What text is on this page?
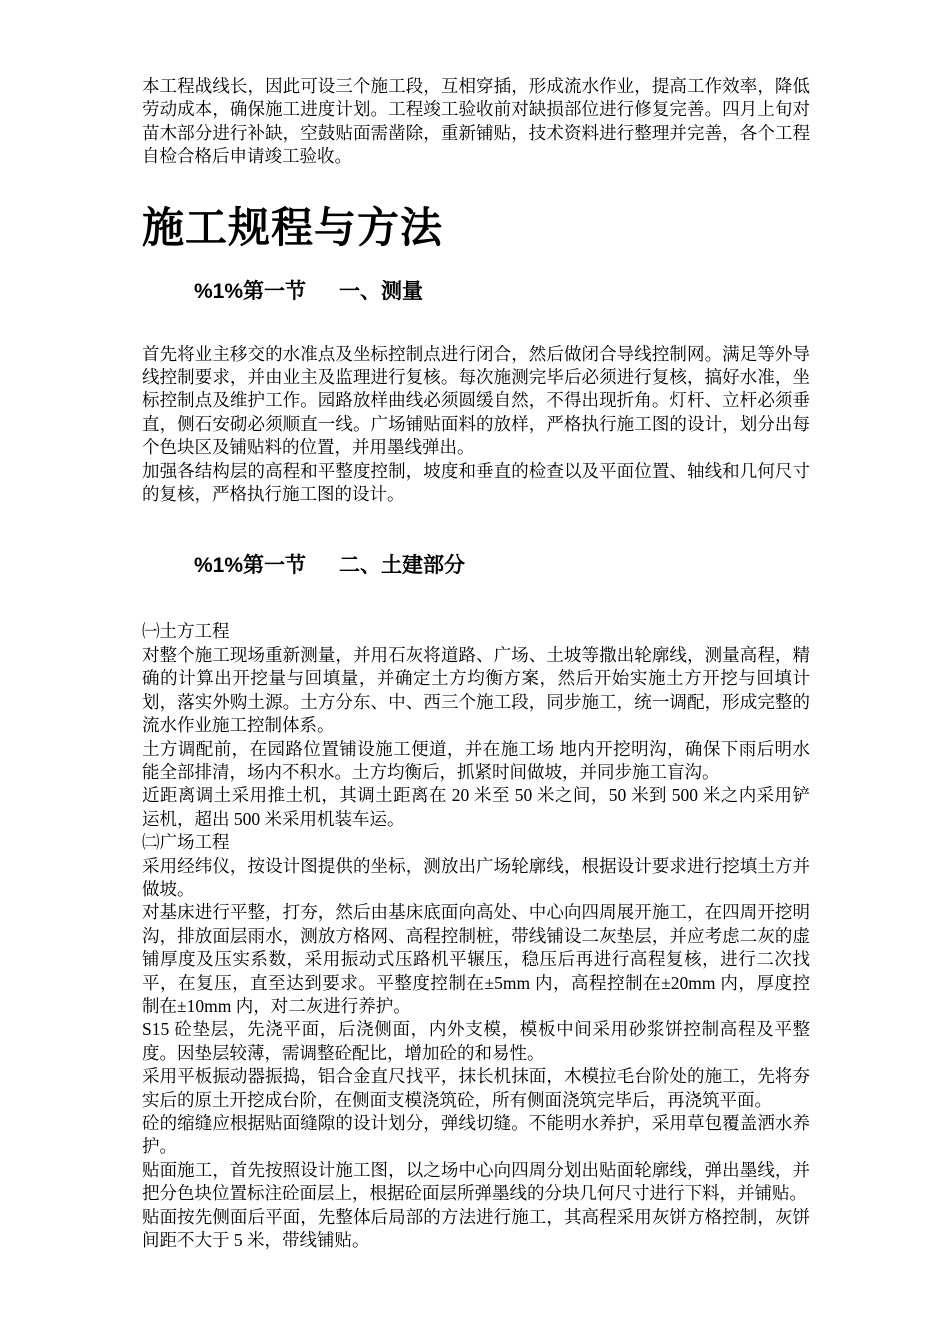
本工程战线长，因此可设三个施工段，互相穿插，形成流水作业，提高工作效率，降低劳动成本，确保施工进度计划。工程竣工验收前对缺损部位进行修复完善。四月上旬对苗木部分进行补缺，空鼓贴面需凿除，重新铺贴，技术资料进行整理并完善，各个工程自检合格后申请竣工验收。

施工规程与方法
%1%第一节 一、测量

首先将业主移交的水准点及坐标控制点进行闭合，然后做闭合导线控制网。满足等外导线控制要求，并由业主及监理进行复核。每次施测完毕后必须进行复核，搞好水准，坐标控制点及维护工作。园路放样曲线必须圆缓自然，不得出现折角。灯杆、立杆必须垂直，侧石安砌必须顺直一线。广场铺贴面料的放样，严格执行施工图的设计，划分出每个色块区及铺贴料的位置，并用墨线弹出。

加强各结构层的高程和平整度控制，坡度和垂直的检查以及平面位置、轴线和几何尺寸的复核，严格执行施工图的设计。

%1%第一节 二、土建部分

㈠土方工程

对整个施工现场重新测量，并用石灰将道路、广场、土坡等撒出轮廓线，测量高程，精确的计算出开挖量与回填量，并确定土方均衡方案，然后开始实施土方开挖与回填计划，落实外购土源。土方分东、中、西三个施工段，同步施工，统一调配，形成完整的流水作业施工控制体系。

土方调配前，在园路位置铺设施工便道，并在施工场 地内开挖明沟，确保下雨后明水能全部排清，场内不积水。土方均衡后，抓紧时间做坡，并同步施工盲沟。

近距离调土采用推土机，其调土距离在 20 米至 50 米之间，50 米到 500 米之内采用铲运机，超出 500 米采用机装车运。

㈡广场工程

采用经纬仪，按设计图提供的坐标，测放出广场轮廓线，根据设计要求进行挖填土方并做坡。

对基床进行平整，打夯，然后由基床底面向高处、中心向四周展开施工，在四周开挖明沟，排放面层雨水，测放方格网、高程控制桩，带线铺设二灰垫层，并应考虑二灰的虚铺厚度及压实系数，采用振动式压路机平辗压，稳压后再进行高程复核，进行二次找平，在复压，直至达到要求。平整度控制在±5mm 内，高程控制在±20mm 内，厚度控制在±10mm 内，对二灰进行养护。

S15 砼垫层，先浇平面，后浇侧面，内外支模，模板中间采用砂浆饼控制高程及平整度。因垫层较薄，需调整砼配比，增加砼的和易性。

采用平板振动器振捣，铝合金直尺找平，抹长机抹面，木模拉毛台阶处的施工，先将夯实后的原土开挖成台阶，在侧面支模浇筑砼，所有侧面浇筑完毕后，再浇筑平面。

砼的缩缝应根据贴面缝隙的设计划分，弹线切缝。不能明水养护，采用草包覆盖洒水养护。

贴面施工，首先按照设计施工图，以之场中心向四周分划出贴面轮廓线，弹出墨线，并把分色块位置标注砼面层上，根据砼面层所弹墨线的分块几何尺寸进行下料，并铺贴。

贴面按先侧面后平面，先整体后局部的方法进行施工，其高程采用灰饼方格控制，灰饼间距不大于 5 米，带线铺贴。
